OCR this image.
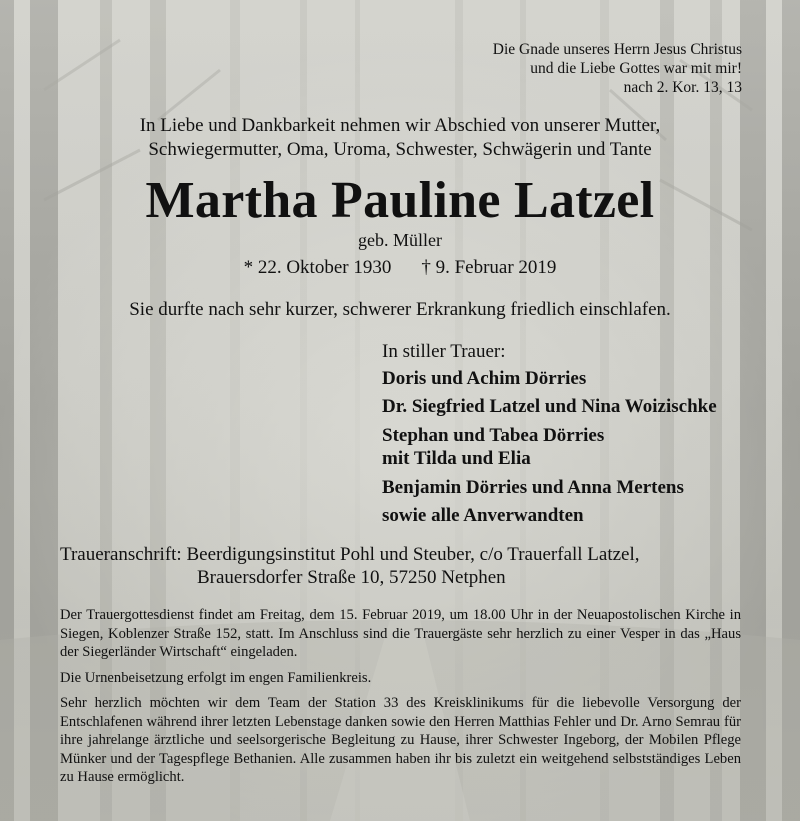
Die Gnade unseres Herrn Jesus Christus
und die Liebe Gottes war mit mir!
nach 2. Kor. 13, 13
In Liebe und Dankbarkeit nehmen wir Abschied von unserer Mutter,
Schwiegermutter, Oma, Uroma, Schwester, Schwägerin und Tante
Martha Pauline Latzel
geb. Müller
* 22. Oktober 1930 † 9. Februar 2019
Sie durfte nach sehr kurzer, schwerer Erkrankung friedlich einschlafen.
In stiller Trauer:
Doris und Achim Dörries
Dr. Siegfried Latzel und Nina Woizischke
Stephan und Tabea Dörries
mit Tilda und Elia
Benjamin Dörries und Anna Mertens
sowie alle Anverwandten
Traueranschrift: Beerdigungsinstitut Pohl und Steuber, c/o Trauerfall Latzel,
Brauersdorfer Straße 10, 57250 Netphen

Der Trauergottesdienst findet am Freitag, dem 15. Februar 2019, um 18.00 Uhr in der Neuapostolischen Kirche in Siegen, Koblenzer Straße 152, statt. Im Anschluss sind die Trauergäste sehr herzlich zu einer Vesper in das „Haus der Siegerländer Wirtschaft“ eingeladen.

Die Urnenbeisetzung erfolgt im engen Familienkreis.

Sehr herzlich möchten wir dem Team der Station 33 des Kreisklinikums für die liebevolle Versorgung der Entschlafenen während ihrer letzten Lebenstage danken sowie den Herren Matthias Fehler und Dr. Arno Semrau für ihre jahrelange ärztliche und seelsorgerische Begleitung zu Hause, ihrer Schwester Ingeborg, der Mobilen Pflege Münker und der Tagespflege Bethanien. Alle zusammen haben ihr bis zuletzt ein weitgehend selbstständiges Leben zu Hause ermöglicht.
